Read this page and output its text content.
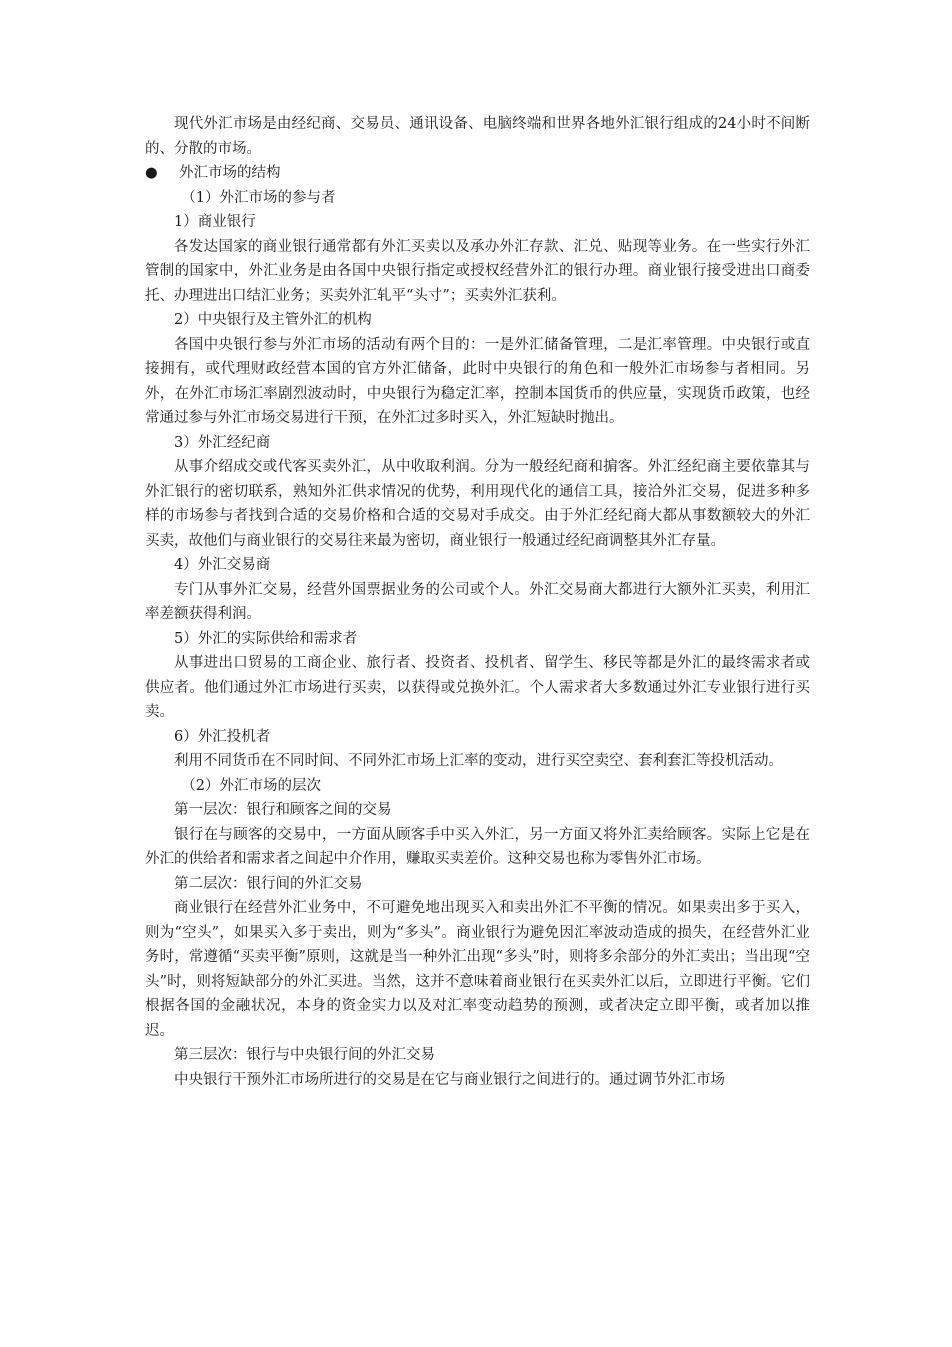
现代外汇市场是由经纪商、交易员、通讯设备、电脑终端和世界各地外汇银行组成的24小时不间断的、分散的市场。

● 外汇市场的结构

（1）外汇市场的参与者

1）商业银行

各发达国家的商业银行通常都有外汇买卖以及承办外汇存款、汇兑、贴现等业务。在一些实行外汇管制的国家中，外汇业务是由各国中央银行指定或授权经营外汇的银行办理。商业银行接受进出口商委托、办理进出口结汇业务；买卖外汇轧平“头寸”；买卖外汇获利。

2）中央银行及主管外汇的机构

各国中央银行参与外汇市场的活动有两个目的：一是外汇储备管理，二是汇率管理。中央银行或直接拥有，或代理财政经营本国的官方外汇储备，此时中央银行的角色和一般外汇市场参与者相同。另外，在外汇市场汇率剧烈波动时，中央银行为稳定汇率，控制本国货币的供应量，实现货币政策，也经常通过参与外汇市场交易进行干预，在外汇过多时买入，外汇短缺时抛出。

3）外汇经纪商

从事介绍成交或代客买卖外汇，从中收取利润。分为一般经纪商和掮客。外汇经纪商主要依靠其与外汇银行的密切联系，熟知外汇供求情况的优势，利用现代化的通信工具，接洽外汇交易，促进多种多样的市场参与者找到合适的交易价格和合适的交易对手成交。由于外汇经纪商大都从事数额较大的外汇买卖，故他们与商业银行的交易往来最为密切，商业银行一般通过经纪商调整其外汇存量。

4）外汇交易商

专门从事外汇交易，经营外国票据业务的公司或个人。外汇交易商大都进行大额外汇买卖，利用汇率差额获得利润。

5）外汇的实际供给和需求者

从事进出口贸易的工商企业、旅行者、投资者、投机者、留学生、移民等都是外汇的最终需求者或供应者。他们通过外汇市场进行买卖，以获得或兑换外汇。个人需求者大多数通过外汇专业银行进行买卖。

6）外汇投机者

利用不同货币在不同时间、不同外汇市场上汇率的变动，进行买空卖空、套利套汇等投机活动。

（2）外汇市场的层次

第一层次：银行和顾客之间的交易

银行在与顾客的交易中，一方面从顾客手中买入外汇，另一方面又将外汇卖给顾客。实际上它是在外汇的供给者和需求者之间起中介作用，赚取买卖差价。这种交易也称为零售外汇市场。

第二层次：银行间的外汇交易

商业银行在经营外汇业务中，不可避免地出现买入和卖出外汇不平衡的情况。如果卖出多于买入，则为“空头”，如果买入多于卖出，则为“多头”。商业银行为避免因汇率波动造成的损失，在经营外汇业务时，常遵循“买卖平衡”原则，这就是当一种外汇出现“多头”时，则将多余部分的外汇卖出；当出现“空头”时，则将短缺部分的外汇买进。当然，这并不意味着商业银行在买卖外汇以后，立即进行平衡。它们根据各国的金融状况，本身的资金实力以及对汇率变动趋势的预测，或者决定立即平衡，或者加以推迟。

第三层次：银行与中央银行间的外汇交易

中央银行干预外汇市场所进行的交易是在它与商业银行之间进行的。通过调节外汇市场
